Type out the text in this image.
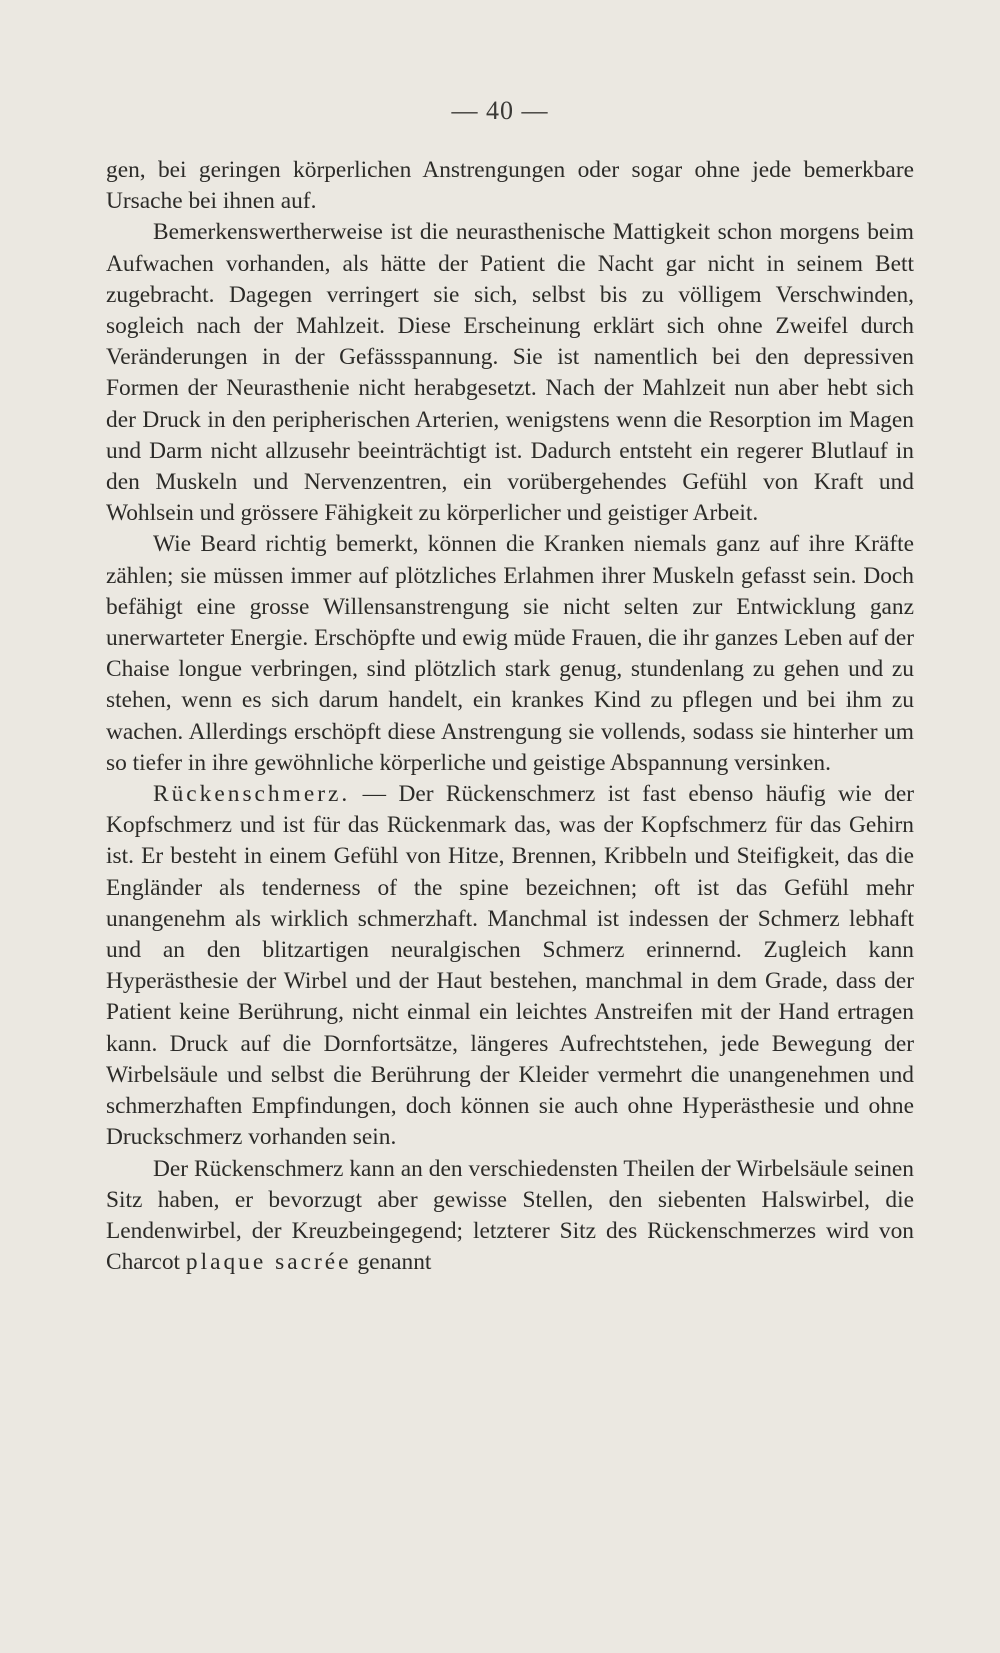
— 40 —

gen, bei geringen körperlichen Anstrengungen oder sogar ohne jede bemerkbare Ursache bei ihnen auf.

Bemerkenswertherweise ist die neurasthenische Mattigkeit schon morgens beim Aufwachen vorhanden, als hätte der Patient die Nacht gar nicht in seinem Bett zugebracht. Dagegen verringert sie sich, selbst bis zu völligem Verschwinden, sogleich nach der Mahlzeit. Diese Erscheinung erklärt sich ohne Zweifel durch Veränderungen in der Gefässspannung. Sie ist namentlich bei den depressiven Formen der Neurasthenie nicht herabgesetzt. Nach der Mahlzeit nun aber hebt sich der Druck in den peripherischen Arterien, wenigstens wenn die Resorption im Magen und Darm nicht allzusehr beeinträchtigt ist. Dadurch entsteht ein regerer Blutlauf in den Muskeln und Nervenzentren, ein vorübergehendes Gefühl von Kraft und Wohlsein und grössere Fähigkeit zu körperlicher und geistiger Arbeit.

Wie Beard richtig bemerkt, können die Kranken niemals ganz auf ihre Kräfte zählen; sie müssen immer auf plötzliches Erlahmen ihrer Muskeln gefasst sein. Doch befähigt eine grosse Willensanstrengung sie nicht selten zur Entwicklung ganz unerwarteter Energie. Erschöpfte und ewig müde Frauen, die ihr ganzes Leben auf der Chaise longue verbringen, sind plötzlich stark genug, stundenlang zu gehen und zu stehen, wenn es sich darum handelt, ein krankes Kind zu pflegen und bei ihm zu wachen. Allerdings erschöpft diese Anstrengung sie vollends, sodass sie hinterher um so tiefer in ihre gewöhnliche körperliche und geistige Abspannung versinken.

Rückenschmerz. — Der Rückenschmerz ist fast ebenso häufig wie der Kopfschmerz und ist für das Rückenmark das, was der Kopfschmerz für das Gehirn ist. Er besteht in einem Gefühl von Hitze, Brennen, Kribbeln und Steifigkeit, das die Engländer als tenderness of the spine bezeichnen; oft ist das Gefühl mehr unangenehm als wirklich schmerzhaft. Manchmal ist indessen der Schmerz lebhaft und an den blitzartigen neuralgischen Schmerz erinnernd. Zugleich kann Hyperästhesie der Wirbel und der Haut bestehen, manchmal in dem Grade, dass der Patient keine Berührung, nicht einmal ein leichtes Anstreifen mit der Hand ertragen kann. Druck auf die Dornfortsätze, längeres Aufrechtstehen, jede Bewegung der Wirbelsäule und selbst die Berührung der Kleider vermehrt die unangenehmen und schmerzhaften Empfindungen, doch können sie auch ohne Hyperästhesie und ohne Druckschmerz vorhanden sein.

Der Rückenschmerz kann an den verschiedensten Theilen der Wirbelsäule seinen Sitz haben, er bevorzugt aber gewisse Stellen, den siebenten Halswirbel, die Lendenwirbel, der Kreuzbeingegend; letzterer Sitz des Rückenschmerzes wird von Charcot plaque sacrée genannt
